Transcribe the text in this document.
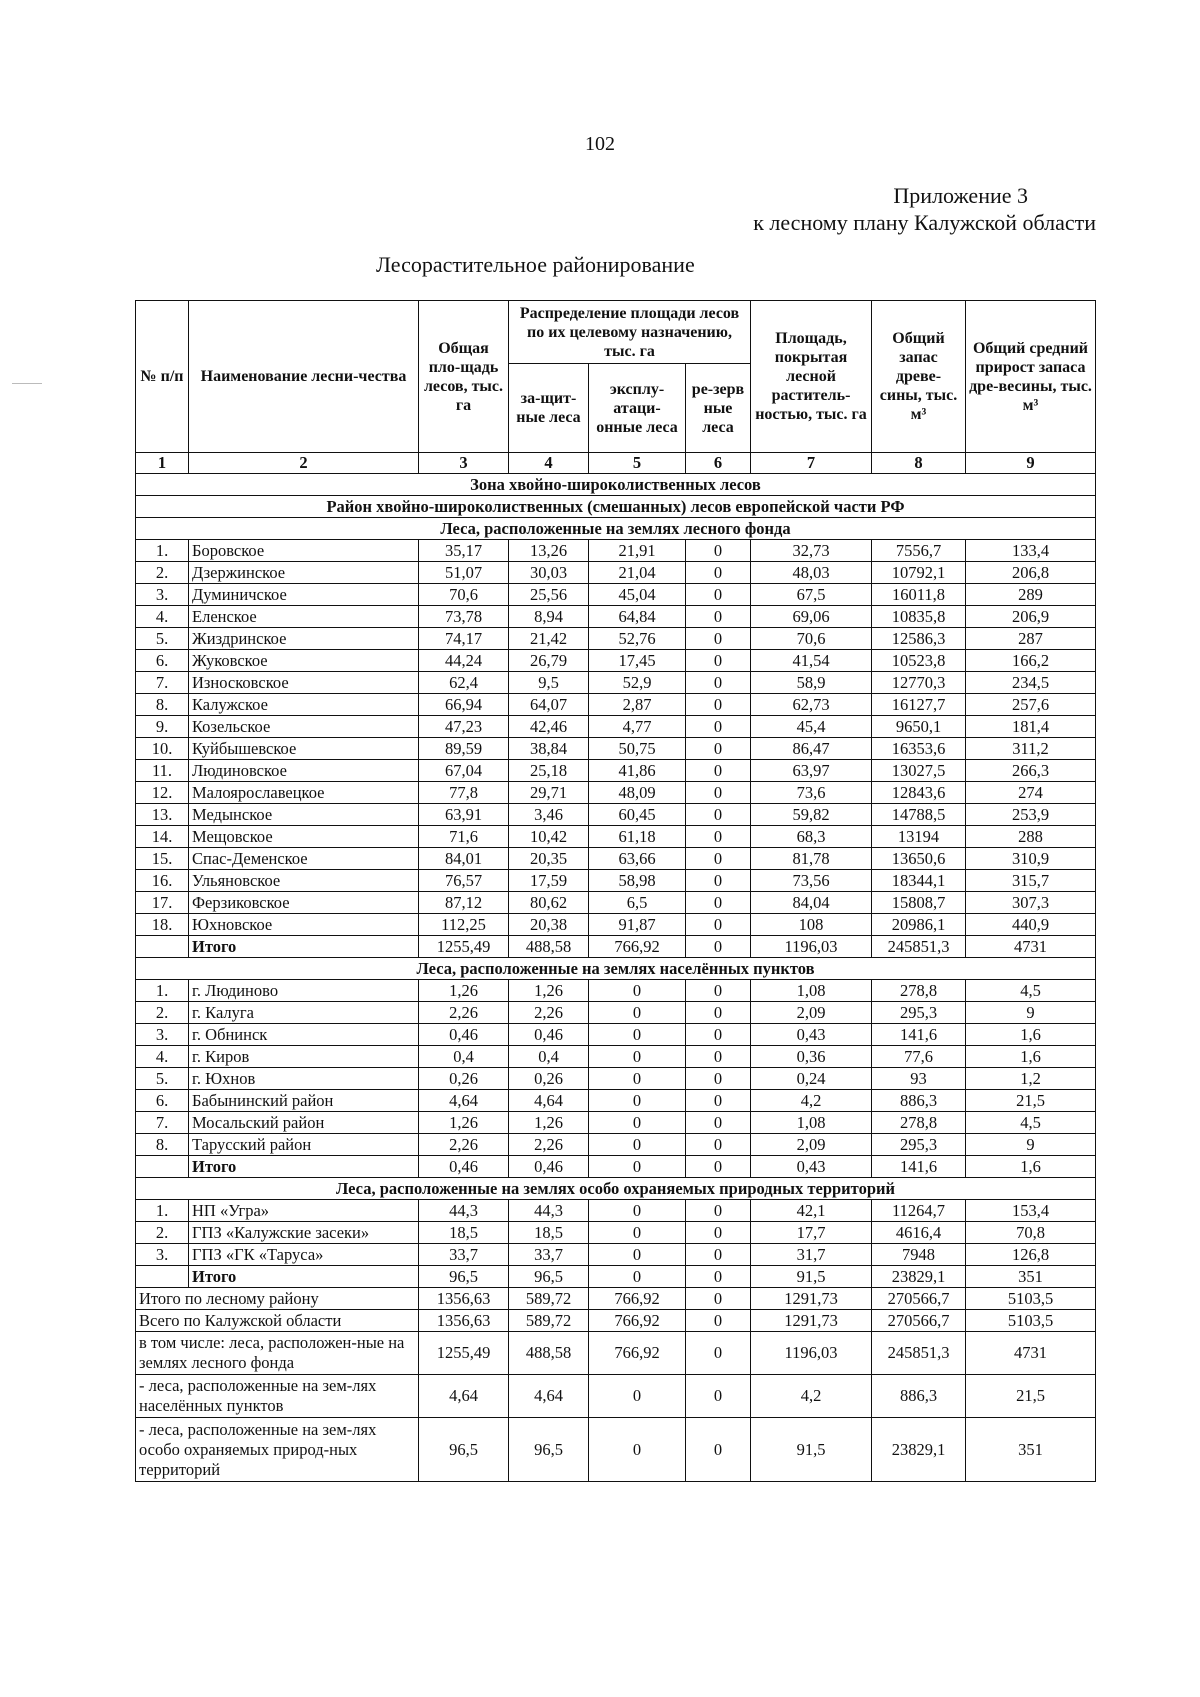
102
Приложение 3
к лесному плану Калужской области
Лесорастительное районирование
№ п/п	Наименование лесни-чества	Общая пло-щадь лесов, тыс. га	Распределение площади лесов по их целевому назначению, тыс. га			Площадь, покрытая лесной раститель-ностью, тыс. га	Общий запас древе-сины, тыс. м³	Общий средний прирост запаса дре-весины, тыс. м³
			за-щит-ные леса	эксплу-атаци-онные леса	ре-зерв ные леса			
1	2	3	4	5	6	7	8	9
Зона хвойно-широколиственных лесов								
Район хвойно-широколиственных (смешанных) лесов европейской части РФ								
Леса, расположенные на землях лесного фонда								
1.	Боровское	35,17	13,26	21,91	0	32,73	7556,7	133,4
2.	Дзержинское	51,07	30,03	21,04	0	48,03	10792,1	206,8
3.	Думиничское	70,6	25,56	45,04	0	67,5	16011,8	289
4.	Еленское	73,78	8,94	64,84	0	69,06	10835,8	206,9
5.	Жиздринское	74,17	21,42	52,76	0	70,6	12586,3	287
6.	Жуковское	44,24	26,79	17,45	0	41,54	10523,8	166,2
7.	Износковское	62,4	9,5	52,9	0	58,9	12770,3	234,5
8.	Калужское	66,94	64,07	2,87	0	62,73	16127,7	257,6
9.	Козельское	47,23	42,46	4,77	0	45,4	9650,1	181,4
10.	Куйбышевское	89,59	38,84	50,75	0	86,47	16353,6	311,2
11.	Людиновское	67,04	25,18	41,86	0	63,97	13027,5	266,3
12.	Малоярославецкое	77,8	29,71	48,09	0	73,6	12843,6	274
13.	Медынское	63,91	3,46	60,45	0	59,82	14788,5	253,9
14.	Мещовское	71,6	10,42	61,18	0	68,3	13194	288
15.	Спас-Деменское	84,01	20,35	63,66	0	81,78	13650,6	310,9
16.	Ульяновское	76,57	17,59	58,98	0	73,56	18344,1	315,7
17.	Ферзиковское	87,12	80,62	6,5	0	84,04	15808,7	307,3
18.	Юхновское	112,25	20,38	91,87	0	108	20986,1	440,9
	Итого	1255,49	488,58	766,92	0	1196,03	245851,3	4731
Леса, расположенные на землях населённых пунктов								
1.	г. Людиново	1,26	1,26	0	0	1,08	278,8	4,5
2.	г. Калуга	2,26	2,26	0	0	2,09	295,3	9
3.	г. Обнинск	0,46	0,46	0	0	0,43	141,6	1,6
4.	г. Киров	0,4	0,4	0	0	0,36	77,6	1,6
5.	г. Юхнов	0,26	0,26	0	0	0,24	93	1,2
6.	Бабынинский район	4,64	4,64	0	0	4,2	886,3	21,5
7.	Мосальский район	1,26	1,26	0	0	1,08	278,8	4,5
8.	Тарусский район	2,26	2,26	0	0	2,09	295,3	9
	Итого	0,46	0,46	0	0	0,43	141,6	1,6
Леса, расположенные на землях особо охраняемых природных территорий								
1.	НП «Угра»	44,3	44,3	0	0	42,1	11264,7	153,4
2.	ГПЗ «Калужские засеки»	18,5	18,5	0	0	17,7	4616,4	70,8
3.	ГПЗ «ГК «Таруса»	33,7	33,7	0	0	31,7	7948	126,8
	Итого	96,5	96,5	0	0	91,5	23829,1	351
Итого по лесному району		1356,63	589,72	766,92	0	1291,73	270566,7	5103,5
Всего по Калужской области		1356,63	589,72	766,92	0	1291,73	270566,7	5103,5
в том числе: леса, расположен-ные на землях лесного фонда		1255,49	488,58	766,92	0	1196,03	245851,3	4731
- леса, расположенные на зем-лях населённых пунктов		4,64	4,64	0	0	4,2	886,3	21,5
- леса, расположенные на зем-лях особо охраняемых природ-ных территорий		96,5	96,5	0	0	91,5	23829,1	351
